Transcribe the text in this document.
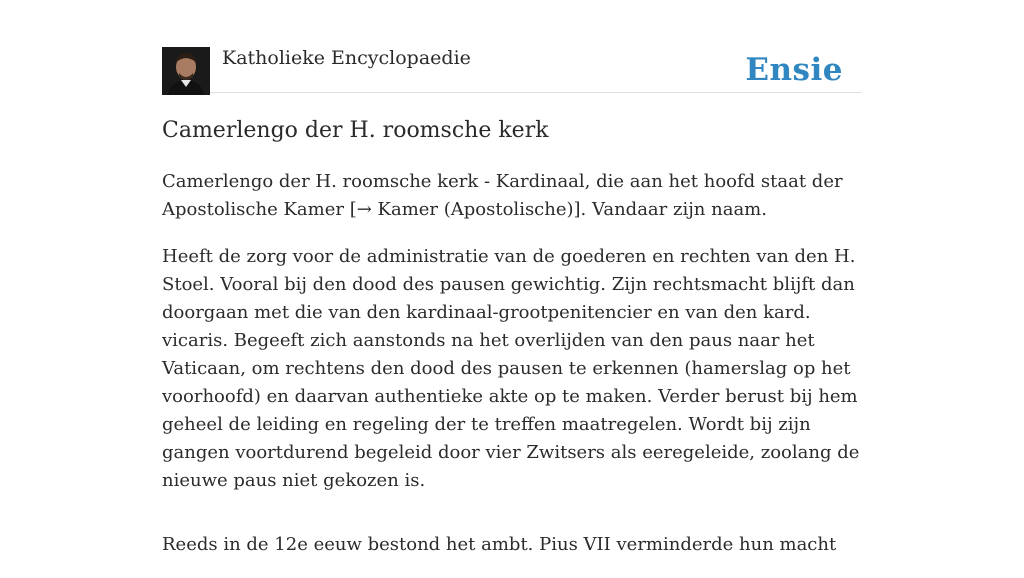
Katholieke Encyclopaedie	Ensie
Camerlengo der H. roomsche kerk

Camerlengo der H. roomsche kerk - Kardinaal, die aan het hoofd staat der Apostolische Kamer [→ Kamer (Apostolische)]. Vandaar zijn naam.

Heeft de zorg voor de administratie van de goederen en rechten van den H. Stoel. Vooral bij den dood des pausen gewichtig. Zijn rechtsmacht blijft dan doorgaan met die van den kardinaal-grootpenitencier en van den kard. vicaris. Begeeft zich aanstonds na het overlijden van den paus naar het Vaticaan, om rechtens den dood des pausen te erkennen (hamerslag op het voorhoofd) en daarvan authentieke akte op te maken. Verder berust bij hem geheel de leiding en regeling der te treffen maatregelen. Wordt bij zijn gangen voortdurend begeleid door vier Zwitsers als eeregeleide, zoolang de nieuwe paus niet gekozen is.

Reeds in de 12e eeuw bestond het ambt. Pius VII verminderde hun macht
